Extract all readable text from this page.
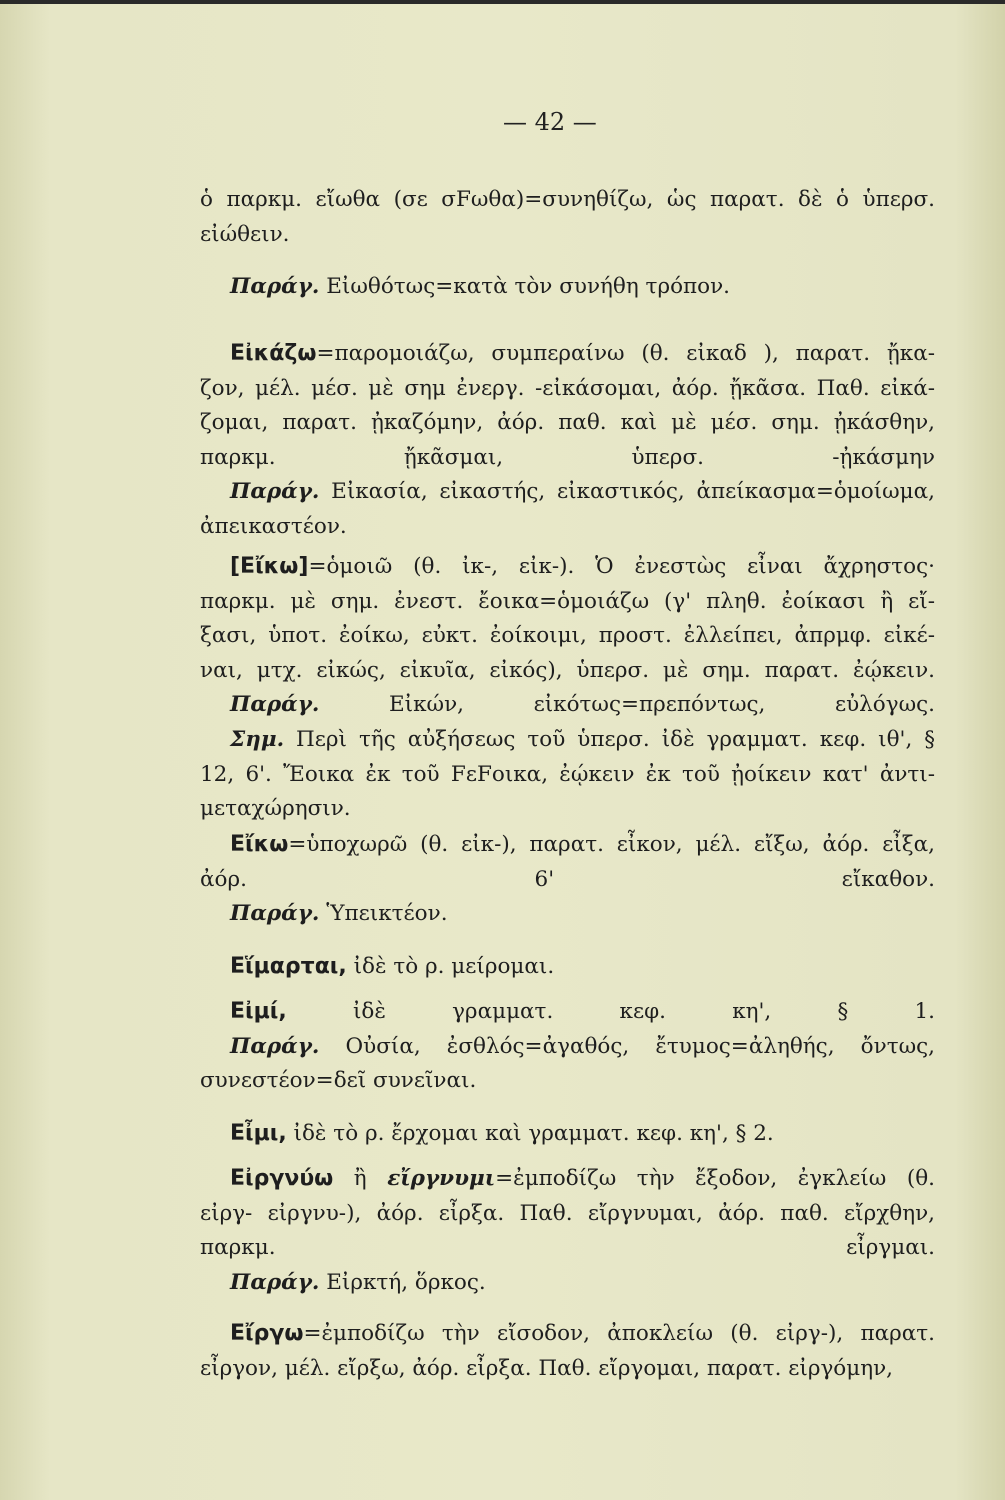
— 42 —
ὁ παρκμ. εἴωθα (σε σFωθα)=συνηθίζω, ὡς παρατ. δὲ ὁ ὑπερσ.
εἰώθειν.
Παράγ. Εἰωθότως=κατὰ τὸν συνήθη τρόπον.
Εἰκάζω=παρομοιάζω, συμπεραίνω (θ. εἰκαδ ), παρατ. ᾔκα-
ζον, μέλ. μέσ. μὲ σημ ἐνεργ. -εἰκάσομαι, ἀόρ. ᾔκᾶσα. Παθ. εἰκά-
ζομαι, παρατ. ᾐκαζόμην, ἀόρ. παθ. καὶ μὲ μέσ. σημ. ᾐκάσθην,
παρκμ. ᾔκᾶσμαι, ὑπερσ. -ᾐκάσμην
Παράγ. Εἰκασία, εἰκαστής, εἰκαστικός, ἀπείκασμα=ὁμοίωμα,
ἀπεικαστέον.
[Εἴκω]=ὁμοιῶ (θ. ἰκ-, εἰκ-). Ὁ ἐνεστὼς εἶναι ἄχρηστος·
παρκμ. μὲ σημ. ἐνεστ. ἔοικα=ὁμοιάζω (γ' πληθ. ἐοίκασι ἢ εἴ-
ξασι, ὑποτ. ἐοίκω, εὐκτ. ἐοίκοιμι, προστ. ἐλλείπει, ἀπρμφ. εἰκέ-
ναι, μτχ. εἰκώς, εἰκυῖα, εἰκός), ὑπερσ. μὲ σημ. παρατ. ἐῴκειν.
Παράγ. Εἰκών, εἰκότως=πρεπόντως, εὐλόγως.
Σημ. Περὶ τῆς αὐξήσεως τοῦ ὑπερσ. ἰδὲ γραμματ. κεφ. ιθ', §
12, 6'. Ἔοικα ἐκ τοῦ FεFοικα, ἐῴκειν ἐκ τοῦ ᾐοίκειν κατ' ἀντι-
μεταχώρησιν.
Εἴκω=ὑποχωρῶ (θ. εἰκ-), παρατ. εἶκον, μέλ. εἴξω, ἀόρ. εἶξα,
ἀόρ. 6' εἴκαθον.
Παράγ. Ὑπεικτέον.
Εἵμαρται, ἰδὲ τὸ ρ. μείρομαι.
Εἰμί, ἰδὲ γραμματ. κεφ. κη', § 1.
Παράγ. Οὐσία, ἐσθλός=ἀγαθός, ἔτυμος=ἀληθής, ὄντως,
συνεστέον=δεῖ συνεῖναι.
Εἶμι, ἰδὲ τὸ ρ. ἔρχομαι καὶ γραμματ. κεφ. κη', § 2.
Εἰργνύω ἢ εἴργνυμι=ἐμποδίζω τὴν ἔξοδον, ἐγκλείω (θ.
εἰργ- εἰργνυ-), ἀόρ. εἶρξα. Παθ. εἴργνυμαι, ἀόρ. παθ. εἴρχθην,
παρκμ. εἶργμαι.
Παράγ. Εἰρκτή, ὅρκος.
Εἴργω=ἐμποδίζω τὴν εἴσοδον, ἀποκλείω (θ. εἰργ-), παρατ.
εἶργον, μέλ. εἴρξω, ἀόρ. εἶρξα. Παθ. εἴργομαι, παρατ. εἰργόμην,
